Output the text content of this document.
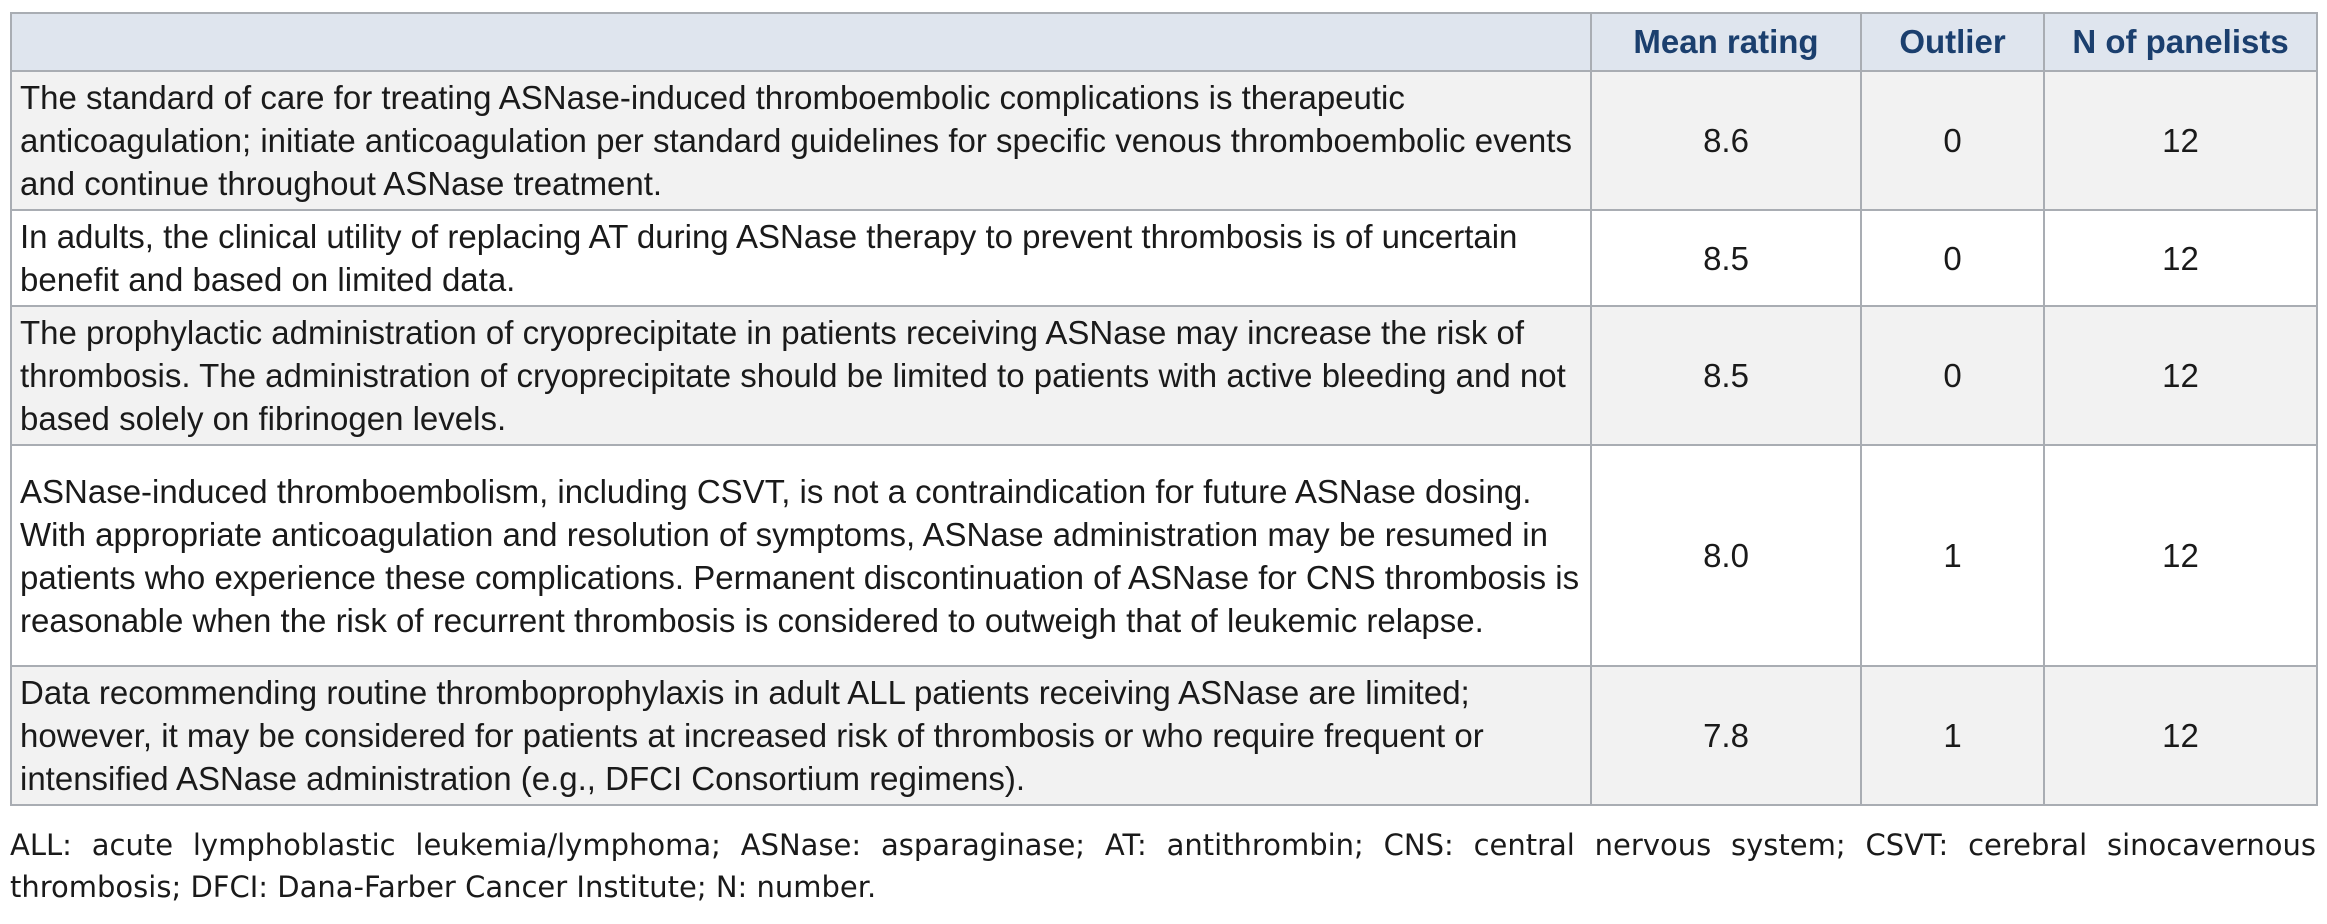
	Mean rating	Outlier	N of panelists
The standard of care for treating ASNase-induced thromboembolic complications is therapeutic anticoagulation; initiate anticoagulation per standard guidelines for specific venous thromboembolic events and continue throughout ASNase treatment.	8.6	0	12
In adults, the clinical utility of replacing AT during ASNase therapy to prevent thrombosis is of uncertain benefit and based on limited data.	8.5	0	12
The prophylactic administration of cryoprecipitate in patients receiving ASNase may increase the risk of thrombosis. The administration of cryoprecipitate should be limited to patients with active bleeding and not based solely on fibrinogen levels.	8.5	0	12
ASNase-induced thromboembolism, including CSVT, is not a contraindication for future ASNase dosing. With appropriate anticoagulation and resolution of symptoms, ASNase administration may be resumed in patients who experience these complications. Permanent discontinuation of ASNase for CNS thrombosis is reasonable when the risk of recurrent thrombosis is considered to outweigh that of leukemic relapse.	8.0	1	12
Data recommending routine thromboprophylaxis in adult ALL patients receiving ASNase are limited; however, it may be considered for patients at increased risk of thrombosis or who require frequent or intensified ASNase administration (e.g., DFCI Consortium regimens).	7.8	1	12
ALL: acute lymphoblastic leukemia/lymphoma; ASNase: asparaginase; AT: antithrombin; CNS: central nervous system; CSVT: cerebral sinocavernous thrombosis; DFCI: Dana-Farber Cancer Institute; N: number.
